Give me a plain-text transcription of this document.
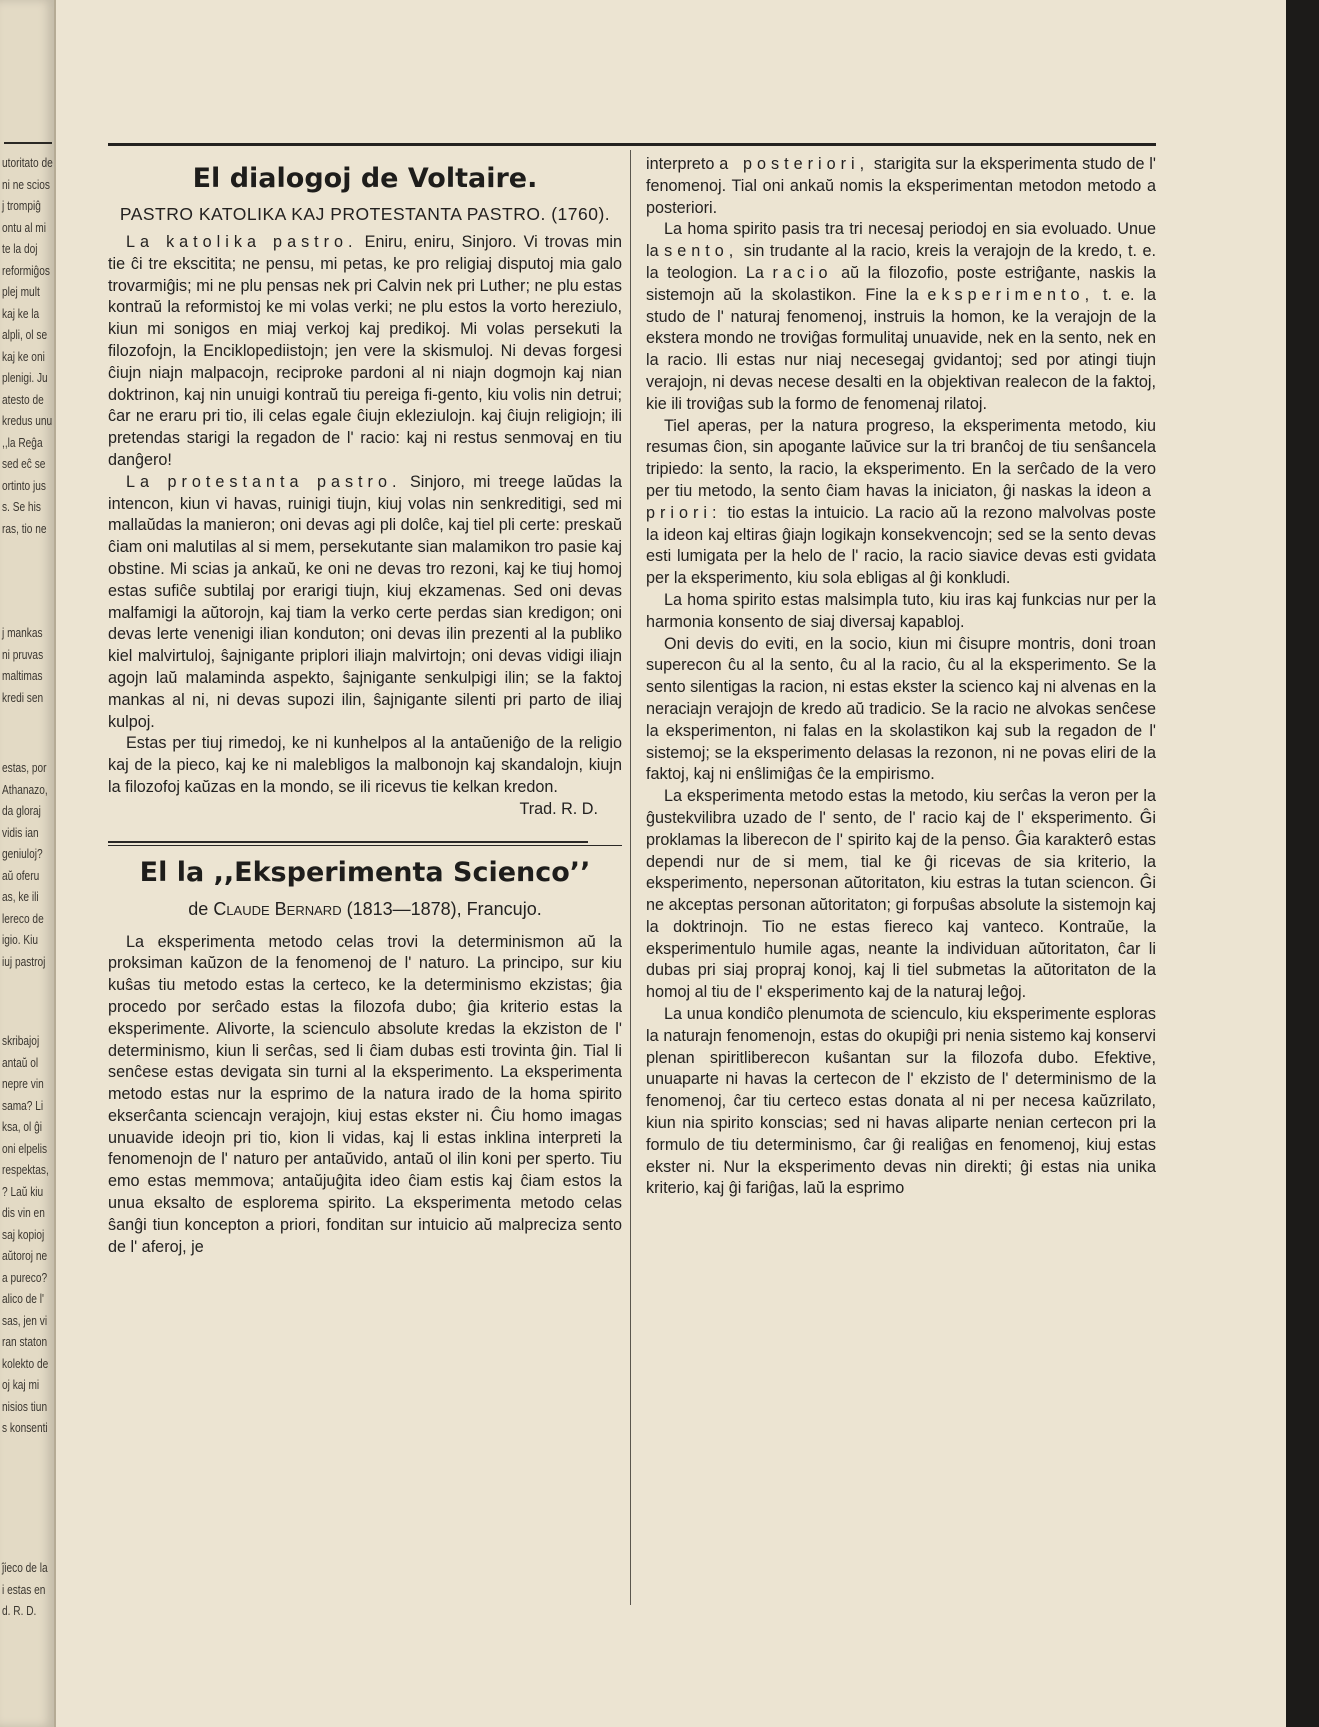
utoritato de
ni ne scios
j trompiĝ
ontu al mi
te la doj
reformiĝos
plej mult
kaj ke la
alpli, ol se
kaj ke oni
plenigi. Ju
atesto de
kredus unu
,,la Reĝa
sed eĉ se
ortinto jus
s. Se his
ras, tio ne
j mankas
ni pruvas
maltimas
kredi sen
estas, por
Athanazo,
da gloraj
vidis ian
geniuloj?
aŭ oferu
as, ke ili
lereco de
igio. Kiu
iuj pastroj
skribajoj
antaŭ ol
nepre vin
sama? Li
ksa, ol ĝi
oni elpelis
respektas,
? Laŭ kiu
dis vin en
saj kopioj
aŭtoroj ne
a pureco?
alico de l'
sas, jen vi
ran staton
kolekto de
oj kaj mi
nisios tiun
s konsenti
ĵieco de la
i estas en
d. R. D.
El dialogoj de Voltaire.
PASTRO KATOLIKA KAJ PROTESTANTA PASTRO. (1760).

La katolika pastro. Eniru, eniru, Sinjoro. Vi trovas min tie ĉi tre ekscitita; ne pensu, mi petas, ke pro religiaj disputoj mia galo trovarmiĝis; mi ne plu pensas nek pri Calvin nek pri Luther; ne plu estas kontraŭ la reformistoj ke mi volas verki; ne plu estos la vorto hereziulo, kiun mi sonigos en miaj verkoj kaj predikoj. Mi volas persekuti la filozofojn, la Enciklopediistojn; jen vere la skismuloj. Ni devas forgesi ĉiujn niajn malpacojn, reciproke pardoni al ni niajn dogmojn kaj nian doktrinon, kaj nin unuigi kontraŭ tiu pereiga fi-gento, kiu volis nin detrui; ĉar ne eraru pri tio, ili celas egale ĉiujn ekleziulojn. kaj ĉiujn religiojn; ili pretendas starigi la regadon de l' racio: kaj ni restus senmovaj en tiu danĝero!

La protestanta pastro. Sinjoro, mi treege laŭdas la intencon, kiun vi havas, ruinigi tiujn, kiuj volas nin senkreditigi, sed mi mallaŭdas la manieron; oni devas agi pli dolĉe, kaj tiel pli certe: preskaŭ ĉiam oni malutilas al si mem, persekutante sian malamikon tro pasie kaj obstine. Mi scias ja ankaŭ, ke oni ne devas tro rezoni, kaj ke tiuj homoj estas sufiĉe subtilaj por erarigi tiujn, kiuj ekzamenas. Sed oni devas malfamigi la aŭtorojn, kaj tiam la verko certe perdas sian kredigon; oni devas lerte venenigi ilian konduton; oni devas ilin prezenti al la publiko kiel malvirtuloj, ŝajnigante priplori iliajn malvirtojn; oni devas vidigi iliajn agojn laŭ malaminda aspekto, ŝajnigante senkulpigi ilin; se la faktoj mankas al ni, ni devas supozi ilin, ŝajnigante silenti pri parto de iliaj kulpoj.

Estas per tiuj rimedoj, ke ni kunhelpos al la antaŭeniĝo de la religio kaj de la pieco, kaj ke ni malebligos la malbonojn kaj skandalojn, kiujn la filozofoj kaŭzas en la mondo, se ili ricevus tie kelkan kredon.

Trad. R. D.

El la ,,Eksperimenta Scienco’’
de Claude Bernard (1813—1878), Francujo.

La eksperimenta metodo celas trovi la determinismon aŭ la proksiman kaŭzon de la fenomenoj de l' naturo. La principo, sur kiu kuŝas tiu metodo estas la certeco, ke la determinismo ekzistas; ĝia procedo por serĉado estas la filozofa dubo; ĝia kriterio estas la eksperimente. Alivorte, la scienculo absolute kredas la ekziston de l' determinismo, kiun li serĉas, sed li ĉiam dubas esti trovinta ĝin. Tial li senĉese estas devigata sin turni al la eksperimento. La eksperimenta metodo estas nur la esprimo de la natura irado de la homa spirito ekserĉanta sciencajn verajojn, kiuj estas ekster ni. Ĉiu homo imagas unuavide ideojn pri tio, kion li vidas, kaj li estas inklina interpreti la fenomenojn de l' naturo per antaŭvido, antaŭ ol ilin koni per sperto. Tiu emo estas memmova; antaŭjuĝita ideo ĉiam estis kaj ĉiam estos la unua eksalto de esplorema spirito. La eksperimenta metodo celas ŝanĝi tiun koncepton a priori, fonditan sur intuicio aŭ malpreciza sento de l' aferoj, je

interpreto a posteriori, starigita sur la eksperimenta studo de l' fenomenoj. Tial oni ankaŭ nomis la eksperimentan metodon metodo a posteriori.

La homa spirito pasis tra tri necesaj periodoj en sia evoluado. Unue la sento, sin trudante al la racio, kreis la verajojn de la kredo, t. e. la teologion. La racio aŭ la filozofio, poste estriĝante, naskis la sistemojn aŭ la skolastikon. Fine la eksperimento, t. e. la studo de l' naturaj fenomenoj, instruis la homon, ke la verajojn de la ekstera mondo ne troviĝas formulitaj unuavide, nek en la sento, nek en la racio. Ili estas nur niaj necesegaj gvidantoj; sed por atingi tiujn verajojn, ni devas necese desalti en la objektivan realecon de la faktoj, kie ili troviĝas sub la formo de fenomenaj rilatoj.

Tiel aperas, per la natura progreso, la eksperimenta metodo, kiu resumas ĉion, sin apogante laŭvice sur la tri branĉoj de tiu senŝancela tripiedo: la sento, la racio, la eksperimento. En la serĉado de la vero per tiu metodo, la sento ĉiam havas la iniciaton, ĝi naskas la ideon a priori: tio estas la intuicio. La racio aŭ la rezono malvolvas poste la ideon kaj eltiras ĝiajn logikajn konsekvencojn; sed se la sento devas esti lumigata per la helo de l' racio, la racio siavice devas esti gvidata per la eksperimento, kiu sola ebligas al ĝi konkludi.

La homa spirito estas malsimpla tuto, kiu iras kaj funkcias nur per la harmonia konsento de siaj diversaj kapabloj.

Oni devis do eviti, en la socio, kiun mi ĉisupre montris, doni troan superecon ĉu al la sento, ĉu al la racio, ĉu al la eksperimento. Se la sento silentigas la racion, ni estas ekster la scienco kaj ni alvenas en la neraciajn verajojn de kredo aŭ tradicio. Se la racio ne alvokas senĉese la eksperimenton, ni falas en la skolastikon kaj sub la regadon de l' sistemoj; se la eksperimento delasas la rezonon, ni ne povas eliri de la faktoj, kaj ni enŝlimiĝas ĉe la empirismo.

La eksperimenta metodo estas la metodo, kiu serĉas la veron per la ĝustekvilibra uzado de l' sento, de l' racio kaj de l' eksperimento. Ĝi proklamas la liberecon de l' spirito kaj de la penso. Ĝia karakterô estas dependi nur de si mem, tial ke ĝi ricevas de sia kriterio, la eksperimento, nepersonan aŭtoritaton, kiu estras la tutan sciencon. Ĝi ne akceptas personan aŭtoritaton; gi forpuŝas absolute la sistemojn kaj la doktrinojn. Tio ne estas fiereco kaj vanteco. Kontraŭe, la eksperimentulo humile agas, neante la individuan aŭtoritaton, ĉar li dubas pri siaj propraj konoj, kaj li tiel submetas la aŭtoritaton de la homoj al tiu de l' eksperimento kaj de la naturaj leĝoj.

La unua kondiĉo plenumota de scienculo, kiu eksperimente esploras la naturajn fenomenojn, estas do okupiĝi pri nenia sistemo kaj konservi plenan spiritliberecon kuŝantan sur la filozofa dubo. Efektive, unuaparte ni havas la certecon de l' ekzisto de l' determinismo de la fenomenoj, ĉar tiu certeco estas donata al ni per necesa kaŭzrilato, kiun nia spirito konscias; sed ni havas aliparte nenian certecon pri la formulo de tiu determinismo, ĉar ĝi realiĝas en fenomenoj, kiuj estas ekster ni. Nur la eksperimento devas nin direkti; ĝi estas nia unika kriterio, kaj ĝi fariĝas, laŭ la esprimo
